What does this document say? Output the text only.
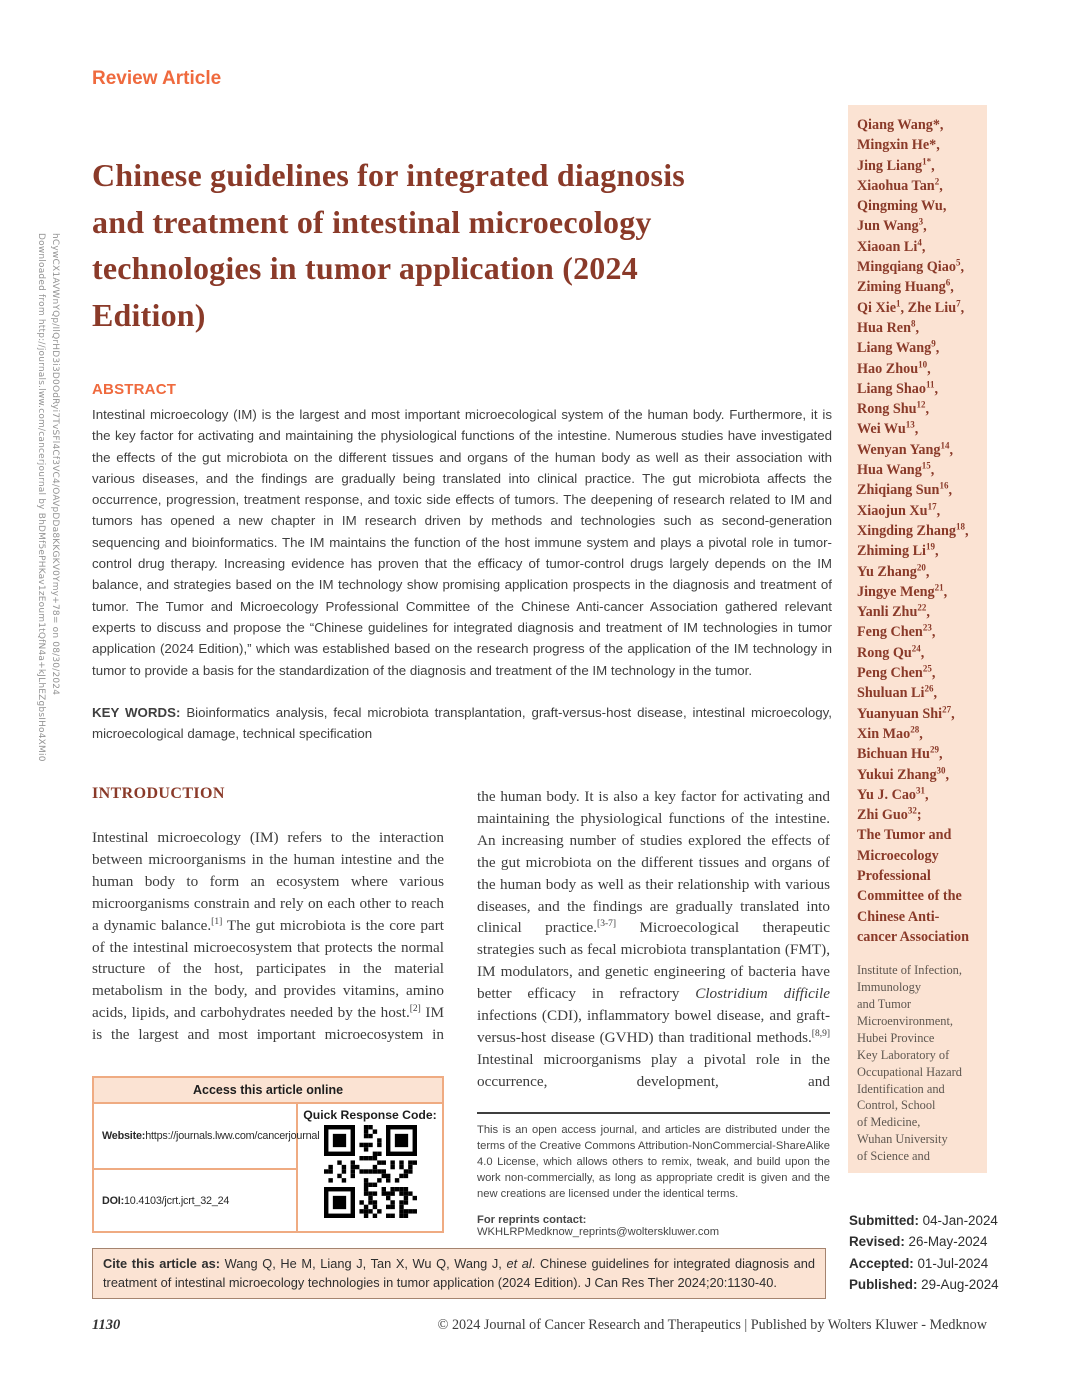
Downloaded from http://journals.lww.com/cancerjournal by BhDMf5ePHKav1zEoum1tQfN4a+kJLhEZgbsIHo4XMi0 hCywCX1AVWnYQp/IlQrHD3i3D0OdRyi7TvSFl4Cf3VC4/OAVpDDa8KKGKV0Ymy+78= on 08/30/2024
Review Article
Chinese guidelines for integrated diagnosis
and treatment of intestinal microecology
technologies in tumor application (2024
Edition)
ABSTRACT
Intestinal microecology (IM) is the largest and most important microecological system of the human body. Furthermore, it is the key factor for activating and maintaining the physiological functions of the intestine. Numerous studies have investigated the effects of the gut microbiota on the different tissues and organs of the human body as well as their association with various diseases, and the findings are gradually being translated into clinical practice. The gut microbiota affects the occurrence, progression, treatment response, and toxic side effects of tumors. The deepening of research related to IM and tumors has opened a new chapter in IM research driven by methods and technologies such as second-generation sequencing and bioinformatics. The IM maintains the function of the host immune system and plays a pivotal role in tumor-control drug therapy. Increasing evidence has proven that the efficacy of tumor-control drugs largely depends on the IM balance, and strategies based on the IM technology show promising application prospects in the diagnosis and treatment of tumor. The Tumor and Microecology Professional Committee of the Chinese Anti-cancer Association gathered relevant experts to discuss and propose the “Chinese guidelines for integrated diagnosis and treatment of IM technologies in tumor application (2024 Edition),” which was established based on the research progress of the application of the IM technology in tumor to provide a basis for the standardization of the diagnosis and treatment of the IM technology in the tumor.
KEY WORDS: Bioinformatics analysis, fecal microbiota transplantation, graft-versus-host disease, intestinal microecology, microecological damage, technical specification
INTRODUCTION
Intestinal microecology (IM) refers to the interaction between microorganisms in the human intestine and the human body to form an ecosystem where various microorganisms constrain and rely on each other to reach a dynamic balance.[1] The gut microbiota is the core part of the intestinal microecosystem that protects the normal structure of the host, participates in the material metabolism in the body, and provides vitamins, amino acids, lipids, and carbohydrates needed by the host.[2] IM is the largest and most important microecosystem in
the human body. It is also a key factor for activating and maintaining the physiological functions of the intestine. An increasing number of studies explored the effects of the gut microbiota on the different tissues and organs of the human body as well as their relationship with various diseases, and the findings are gradually translated into clinical practice.[3-7] Microecological therapeutic strategies such as fecal microbiota transplantation (FMT), IM modulators, and genetic engineering of bacteria have better efficacy in refractory Clostridium difficile infections (CDI), inflammatory bowel disease, and graft-versus-host disease (GVHD) than traditional methods.[8,9] Intestinal microorganisms play a pivotal role in the occurrence, development, and
Access this article online
Website: https://journals.lww.com/cancerjournal
DOI: 10.4103/jcrt.jcrt_32_24
Quick Response Code:

This is an open access journal, and articles are distributed under the terms of the Creative Commons Attribution-NonCommercial-ShareAlike 4.0 License, which allows others to remix, tweak, and build upon the work non-commercially, as long as appropriate credit is given and the new creations are licensed under the identical terms.

For reprints contact: WKHLRPMedknow_reprints@wolterskluwer.com
Cite this article as: Wang Q, He M, Liang J, Tan X, Wu Q, Wang J, et al. Chinese guidelines for integrated diagnosis and treatment of intestinal microecology technologies in tumor application (2024 Edition). J Can Res Ther 2024;20:1130-40.
Submitted: 04-Jan-2024
Revised: 26-May-2024
Accepted: 01-Jul-2024
Published: 29-Aug-2024
1130	© 2024 Journal of Cancer Research and Therapeutics | Published by Wolters Kluwer - Medknow
Qiang Wang*,
Mingxin He*,
Jing Liang$^{1*}$,
Xiaohua Tan$^2$,
Qingming Wu,
Jun Wang$^3$,
Xiaoan Li$^4$,
Mingqiang Qiao$^5$,
Ziming Huang$^6$,
Qi Xie$^1$, Zhe Liu$^7$,
Hua Ren$^8$,
Liang Wang$^9$,
Hao Zhou$^{10}$,
Liang Shao$^{11}$,
Rong Shu$^{12}$,
Wei Wu$^{13}$,
Wenyan Yang$^{14}$,
Hua Wang$^{15}$,
Zhiqiang Sun$^{16}$,
Xiaojun Xu$^{17}$,
Xingding Zhang$^{18}$,
Zhiming Li$^{19}$,
Yu Zhang$^{20}$,
Jingye Meng$^{21}$,
Yanli Zhu$^{22}$,
Feng Chen$^{23}$,
Rong Qu$^{24}$,
Peng Chen$^{25}$,
Shuluan Li$^{26}$,
Yuanyuan Shi$^{27}$,
Xin Mao$^{28}$,
Bichuan Hu$^{29}$,
Yukui Zhang$^{30}$,
Yu J. Cao$^{31}$,
Zhi Guo$^{32}$;
The Tumor and
Microecology
Professional
Committee of the
Chinese Anti-
cancer Association
Institute of Infection,
Immunology
and Tumor
Microenvironment,
Hubei Province
Key Laboratory of
Occupational Hazard
Identification and
Control, School
of Medicine,
Wuhan University
of Science and
